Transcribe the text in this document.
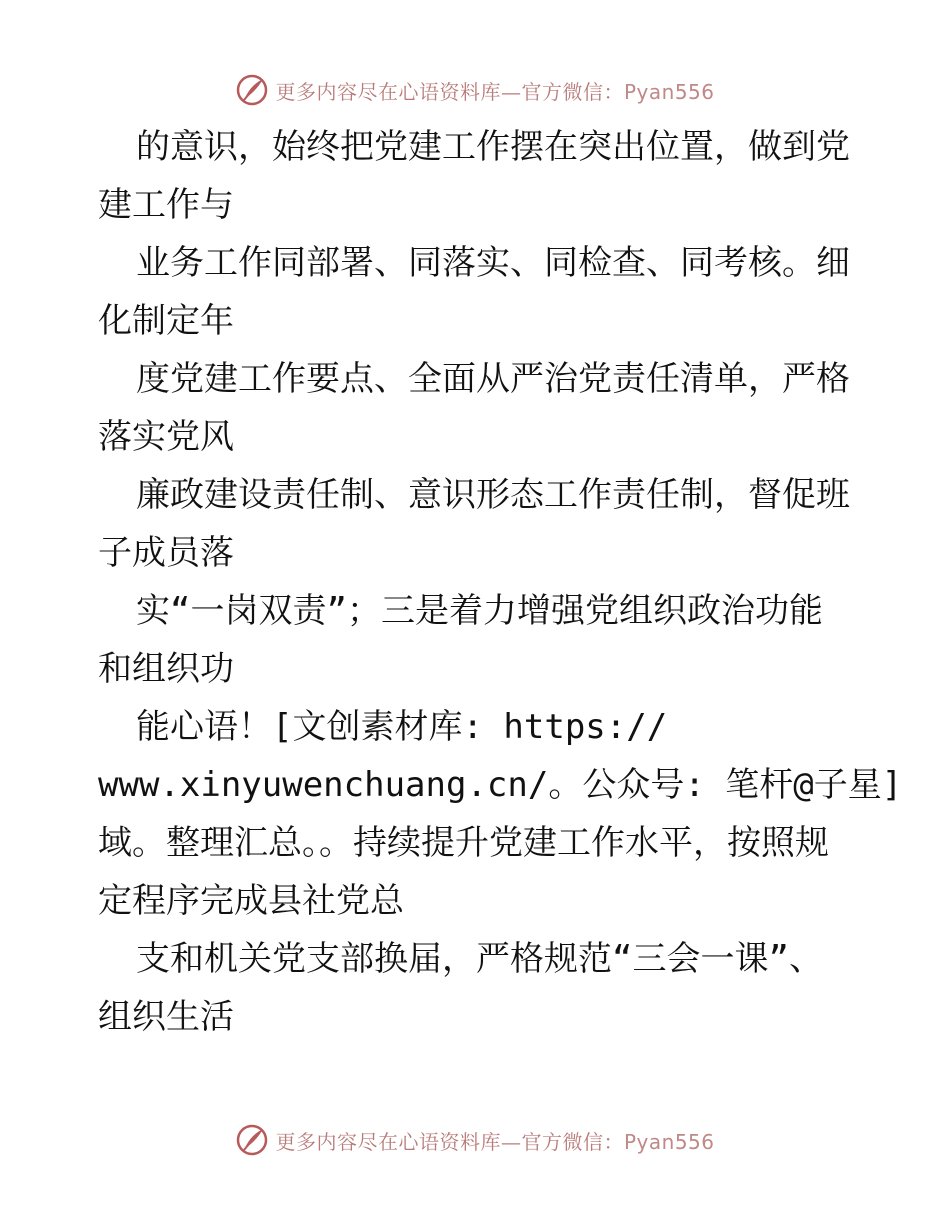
更多内容尽在心语资料库—官方微信：Pyan556
的意识，始终把党建工作摆在突出位置，做到党
建工作与
业务工作同部署、同落实、同检查、同考核。细
化制定年
度党建工作要点、全面从严治党责任清单，严格
落实党风
廉政建设责任制、意识形态工作责任制，督促班
子成员落
实“一岗双责”；三是着力增强党组织政治功能
和组织功
能心语！[文创素材库: https://
www.xinyuwenchuang.cn/。公众号: 笔杆@子星]
域。整理汇总。。持续提升党建工作水平，按照规
定程序完成县社党总
支和机关党支部换届，严格规范“三会一课”、
组织生活
更多内容尽在心语资料库—官方微信：Pyan556
